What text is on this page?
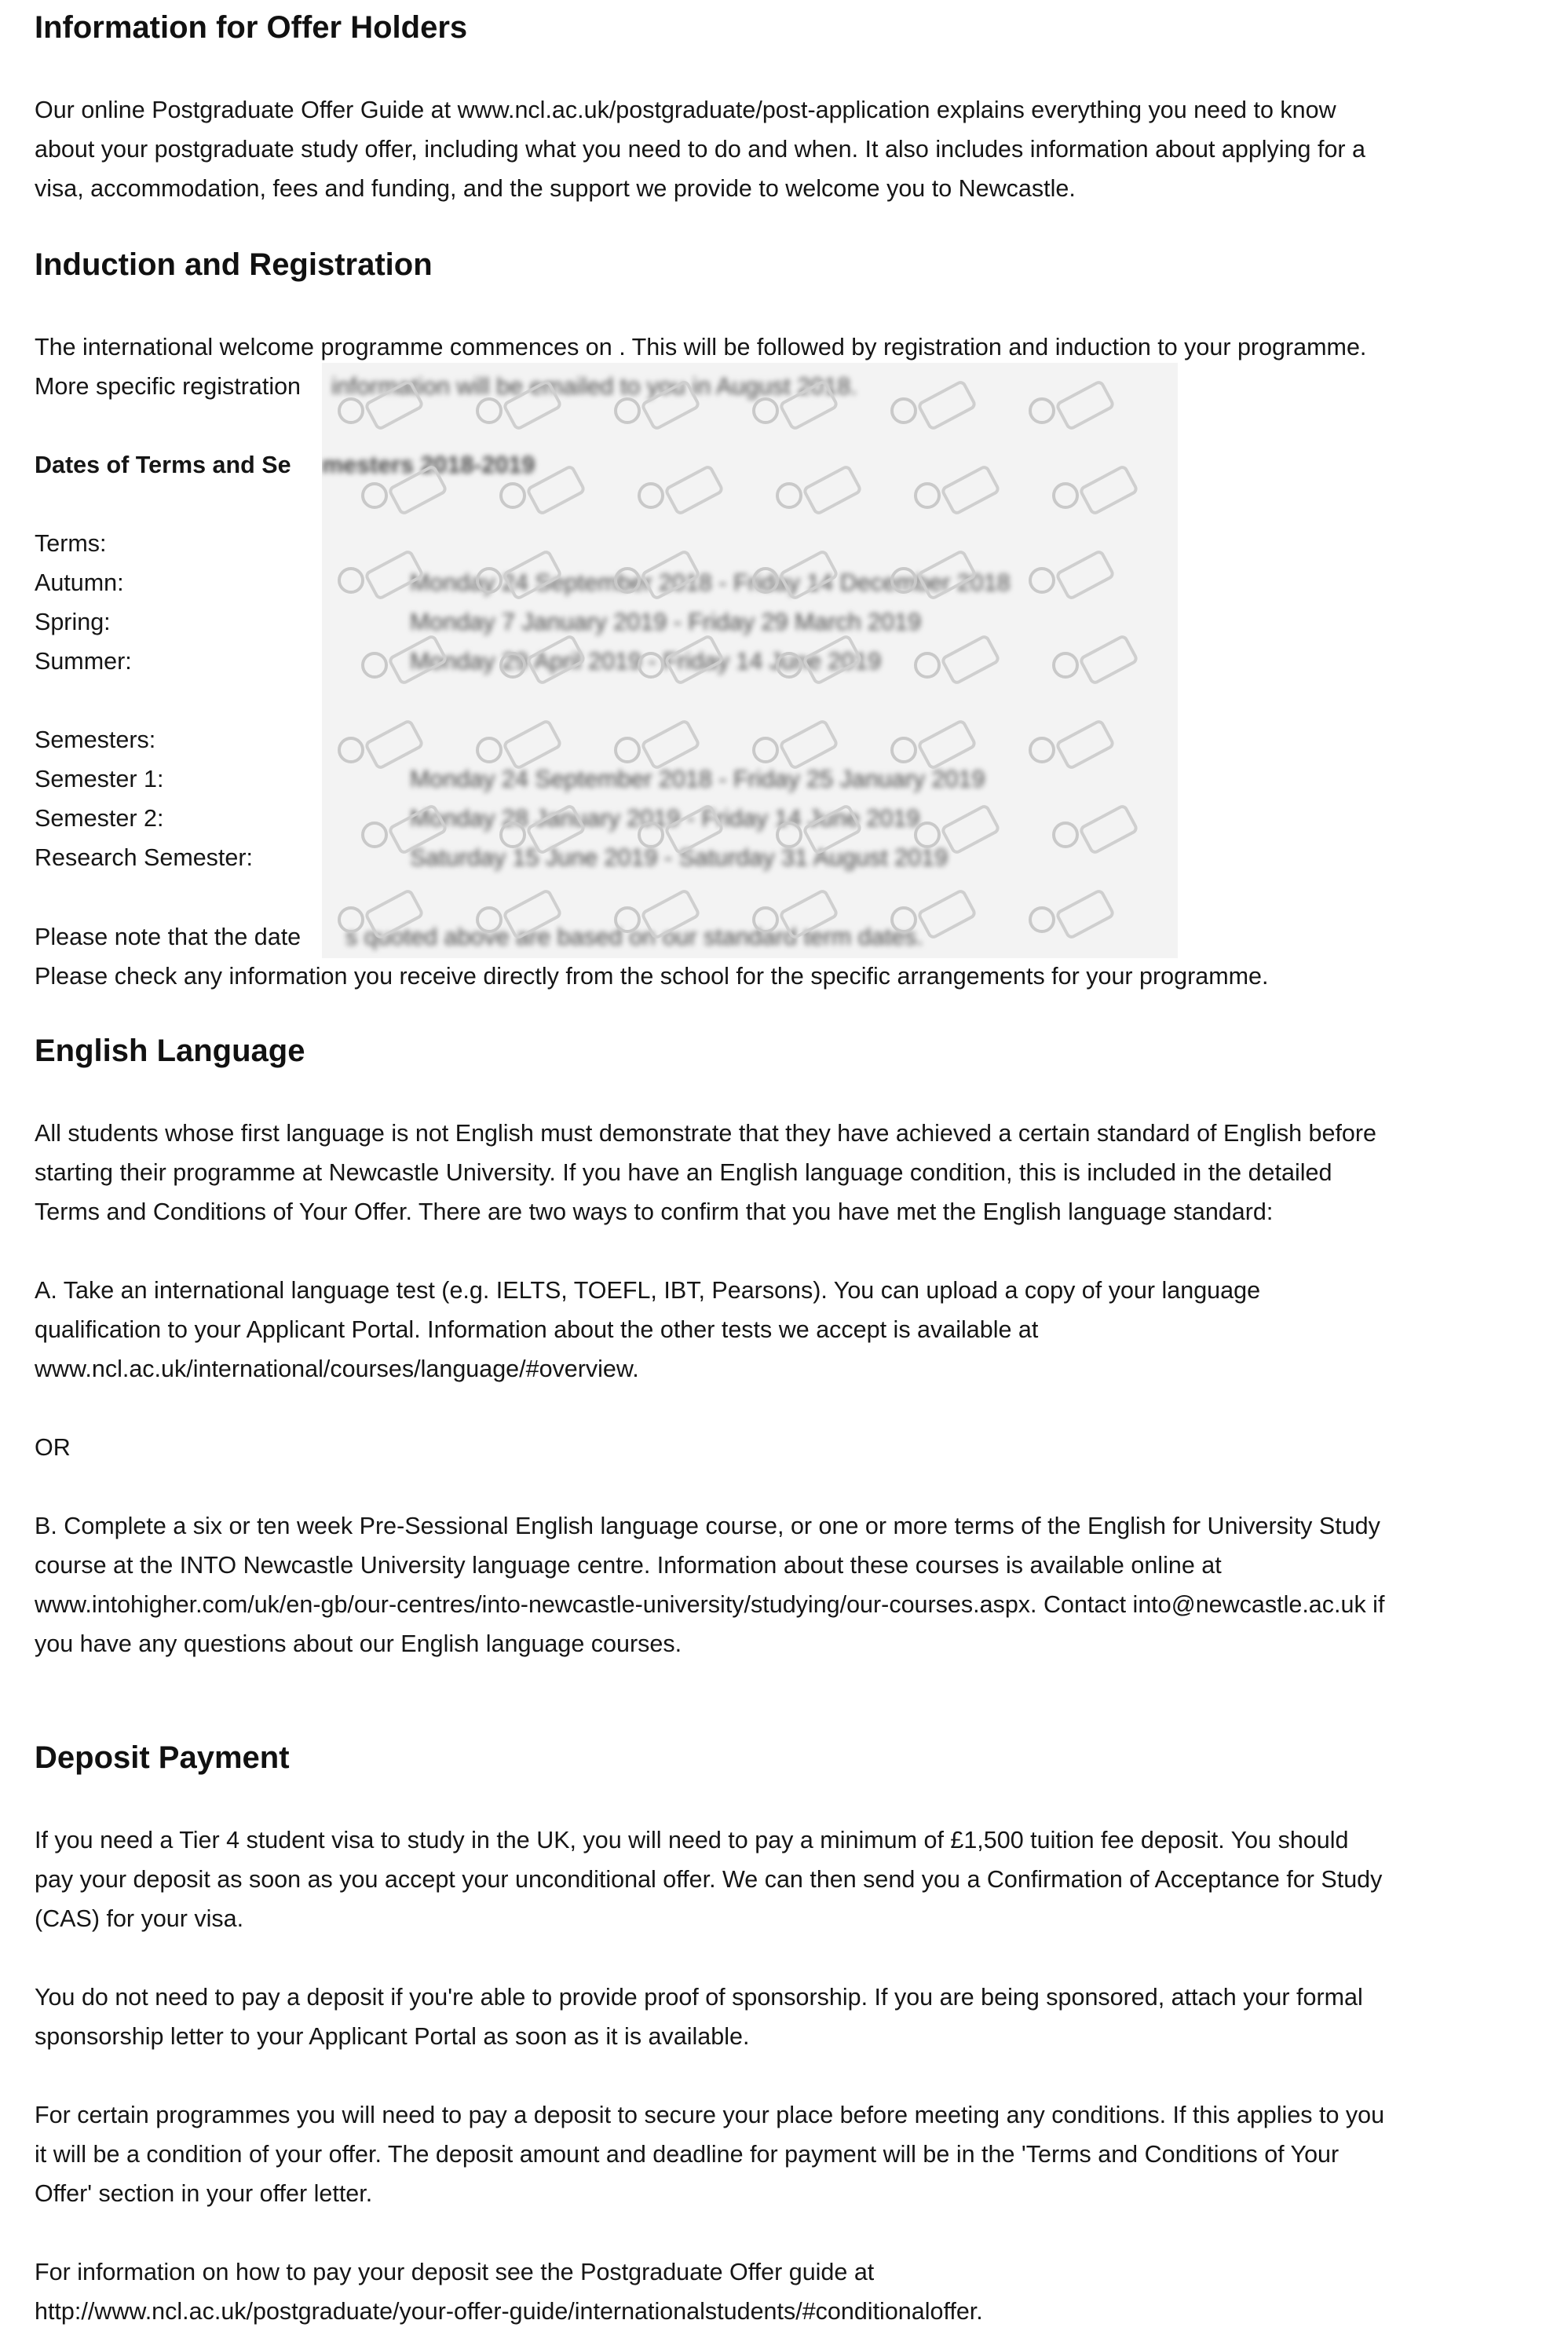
Information for Offer Holders
Our online Postgraduate Offer Guide at www.ncl.ac.uk/postgraduate/post-application explains everything you need to know
about your postgraduate study offer, including what you need to do and when. It also includes information about applying for a
visa, accommodation, fees and funding, and the support we provide to welcome you to Newcastle.
Induction and Registration
The international welcome programme commences on . This will be followed by registration and induction to your programme.
information will be emailed to you in August 2018.
mesters 2018-2019
Monday 24 September 2018 - Friday 14 December 2018
Monday 7 January 2019 - Friday 29 March 2019
Monday 29 April 2019 - Friday 14 June 2019
Monday 24 September 2018 - Friday 25 January 2019
Monday 28 January 2019 - Friday 14 June 2019
Saturday 15 June 2019 - Saturday 31 August 2019
s quoted above are based on our standard term dates.
More specific registration
Dates of Terms and Se
Terms:
Autumn:
Spring:
Summer:
Semesters:
Semester 1:
Semester 2:
Research Semester:
Please note that the date
Please check any information you receive directly from the school for the specific arrangements for your programme.
English Language
All students whose first language is not English must demonstrate that they have achieved a certain standard of English before
starting their programme at Newcastle University. If you have an English language condition, this is included in the detailed
Terms and Conditions of Your Offer. There are two ways to confirm that you have met the English language standard:
A. Take an international language test (e.g. IELTS, TOEFL, IBT, Pearsons). You can upload a copy of your language
qualification to your Applicant Portal. Information about the other tests we accept is available at
www.ncl.ac.uk/international/courses/language/#overview.
OR
B. Complete a six or ten week Pre-Sessional English language course, or one or more terms of the English for University Study
course at the INTO Newcastle University language centre. Information about these courses is available online at
www.intohigher.com/uk/en-gb/our-centres/into-newcastle-university/studying/our-courses.aspx. Contact into@newcastle.ac.uk if
you have any questions about our English language courses.
Deposit Payment
If you need a Tier 4 student visa to study in the UK, you will need to pay a minimum of £1,500 tuition fee deposit. You should
pay your deposit as soon as you accept your unconditional offer. We can then send you a Confirmation of Acceptance for Study
(CAS) for your visa.
You do not need to pay a deposit if you're able to provide proof of sponsorship. If you are being sponsored, attach your formal
sponsorship letter to your Applicant Portal as soon as it is available.
For certain programmes you will need to pay a deposit to secure your place before meeting any conditions. If this applies to you
it will be a condition of your offer. The deposit amount and deadline for payment will be in the 'Terms and Conditions of Your
Offer' section in your offer letter.
For information on how to pay your deposit see the Postgraduate Offer guide at
http://www.ncl.ac.uk/postgraduate/your-offer-guide/internationalstudents/#conditionaloffer.
